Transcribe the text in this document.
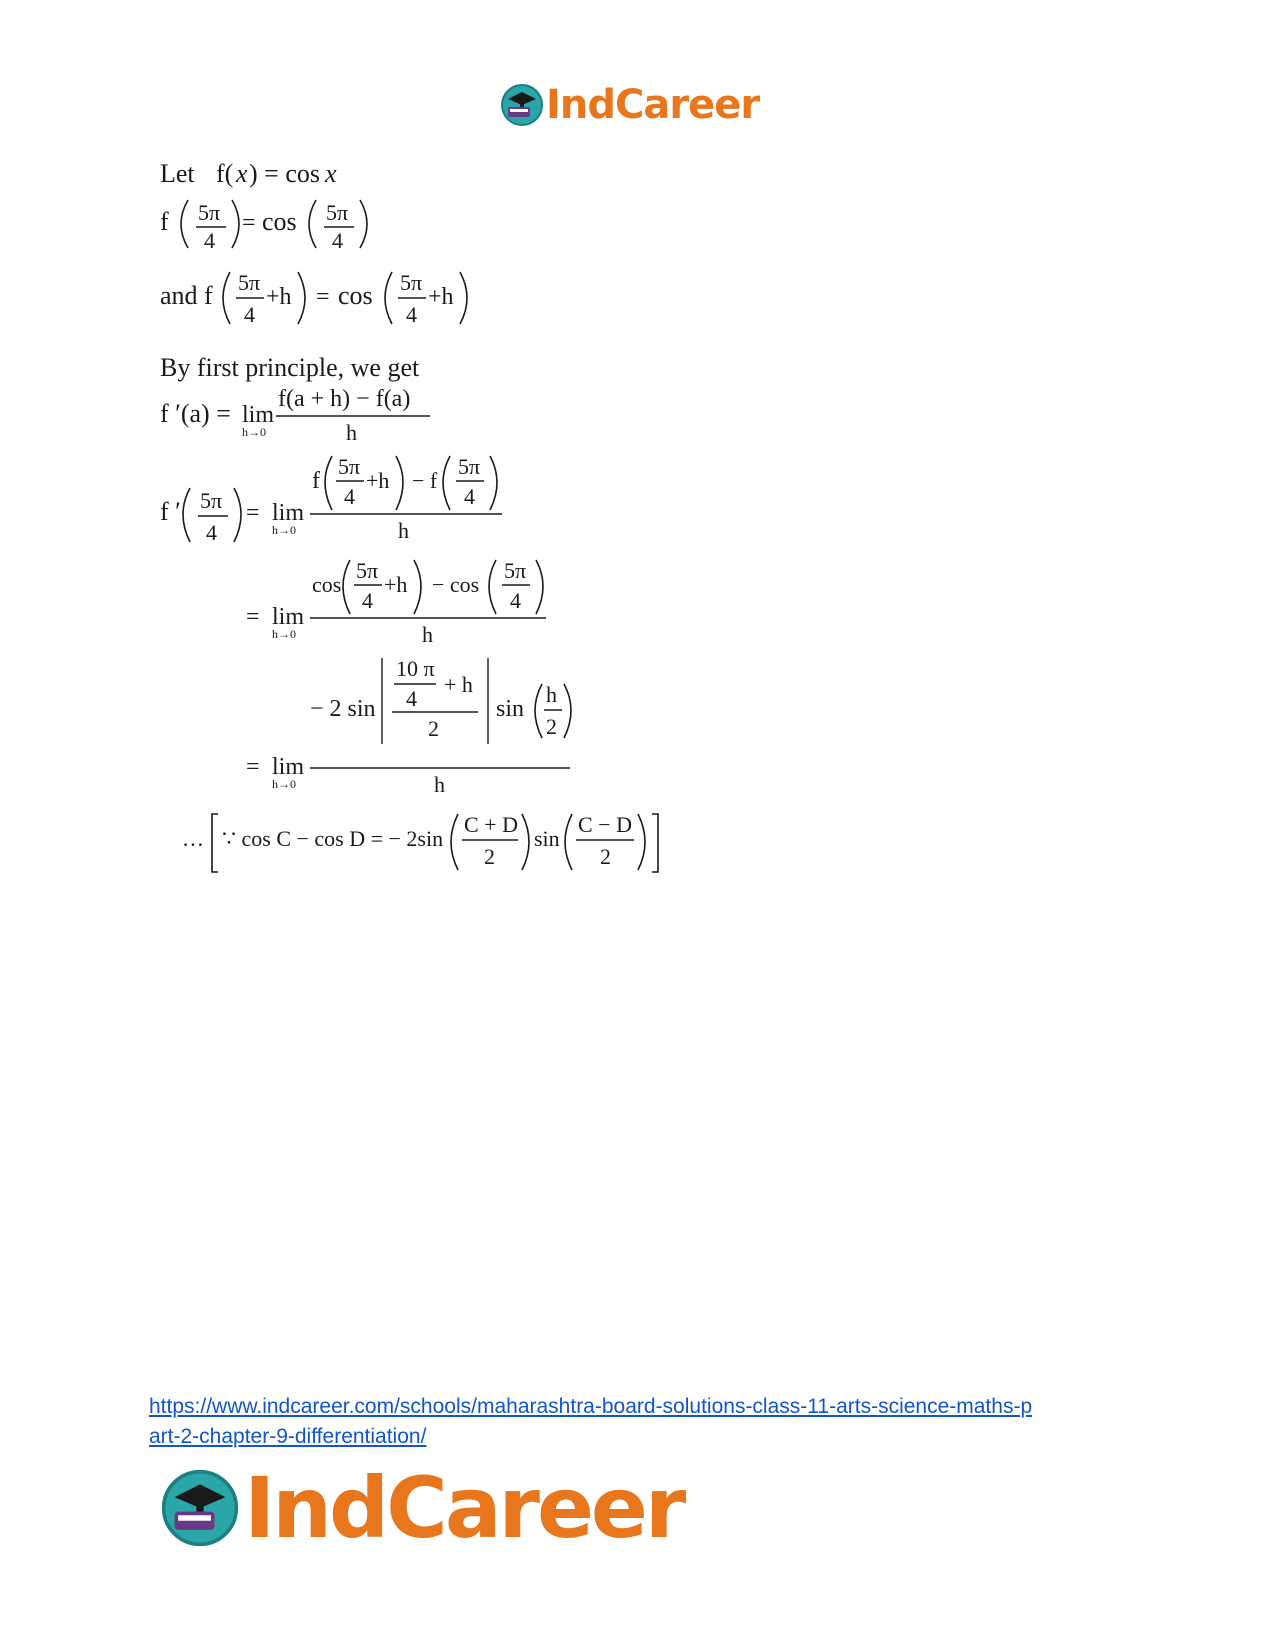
IndCareer
Let f( x ) = cos x
f 5π
4
= cos 5π
4
and f 5π
4
+h = cos 5π
4
+h
By first principle, we get
f ′(a) = lim
h→0
f(a + h) − f(a)
h
f ′ 5π
4
= lim
h→0
f
5π
4
+h − f
5π
4
h
= lim
h→0
cos
5π
4
+h − cos
5π
4
h
− 2 sin
10 π
4
+ h
2
sin
h
2
= lim
h→0	h
… ∵ cos C − cos D = − 2sin
C + D
2
sin
C − D
2
https://www.indcareer.com/schools/maharashtra-board-solutions-class-11-arts-science-maths-p
art-2-chapter-9-differentiation/
IndCareer
